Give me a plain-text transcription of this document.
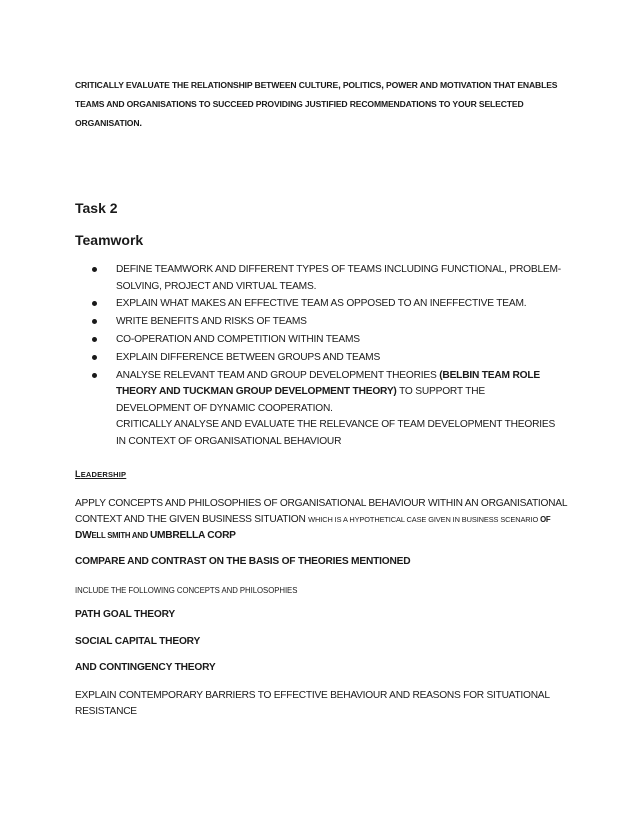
CRITICALLY EVALUATE THE RELATIONSHIP BETWEEN CULTURE, POLITICS, POWER AND MOTIVATION THAT ENABLES
TEAMS AND ORGANISATIONS TO SUCCEED PROVIDING JUSTIFIED RECOMMENDATIONS TO YOUR SELECTED
ORGANISATION.
Task 2
Teamwork
DEFINE TEAMWORK AND DIFFERENT TYPES OF TEAMS INCLUDING FUNCTIONAL, PROBLEM-SOLVING, PROJECT AND VIRTUAL TEAMS.
EXPLAIN WHAT MAKES AN EFFECTIVE TEAM AS OPPOSED TO AN INEFFECTIVE TEAM.
WRITE BENEFITS AND RISKS OF TEAMS
CO-OPERATION AND COMPETITION WITHIN TEAMS
EXPLAIN DIFFERENCE BETWEEN GROUPS AND TEAMS
ANALYSE RELEVANT TEAM AND GROUP DEVELOPMENT THEORIES (BELBIN TEAM ROLE THEORY AND TUCKMAN GROUP DEVELOPMENT THEORY) TO SUPPORT THE DEVELOPMENT OF DYNAMIC COOPERATION.
CRITICALLY ANALYSE AND EVALUATE THE RELEVANCE OF TEAM DEVELOPMENT THEORIES IN CONTEXT OF ORGANISATIONAL BEHAVIOUR
LEADERSHIP
APPLY CONCEPTS AND PHILOSOPHIES OF ORGANISATIONAL BEHAVIOUR WITHIN AN ORGANISATIONAL CONTEXT AND THE GIVEN BUSINESS SITUATION WHICH IS A HYPOTHETICAL CASE GIVEN IN BUSINESS SCENARIO OF
DWELL SMITH AND UMBRELLA CORP
COMPARE AND CONTRAST ON THE BASIS OF THEORIES MENTIONED
INCLUDE THE FOLLOWING CONCEPTS AND PHILOSOPHIES
PATH GOAL THEORY
SOCIAL CAPITAL THEORY
AND CONTINGENCY THEORY
EXPLAIN CONTEMPORARY BARRIERS TO EFFECTIVE BEHAVIOUR AND REASONS FOR SITUATIONAL RESISTANCE
